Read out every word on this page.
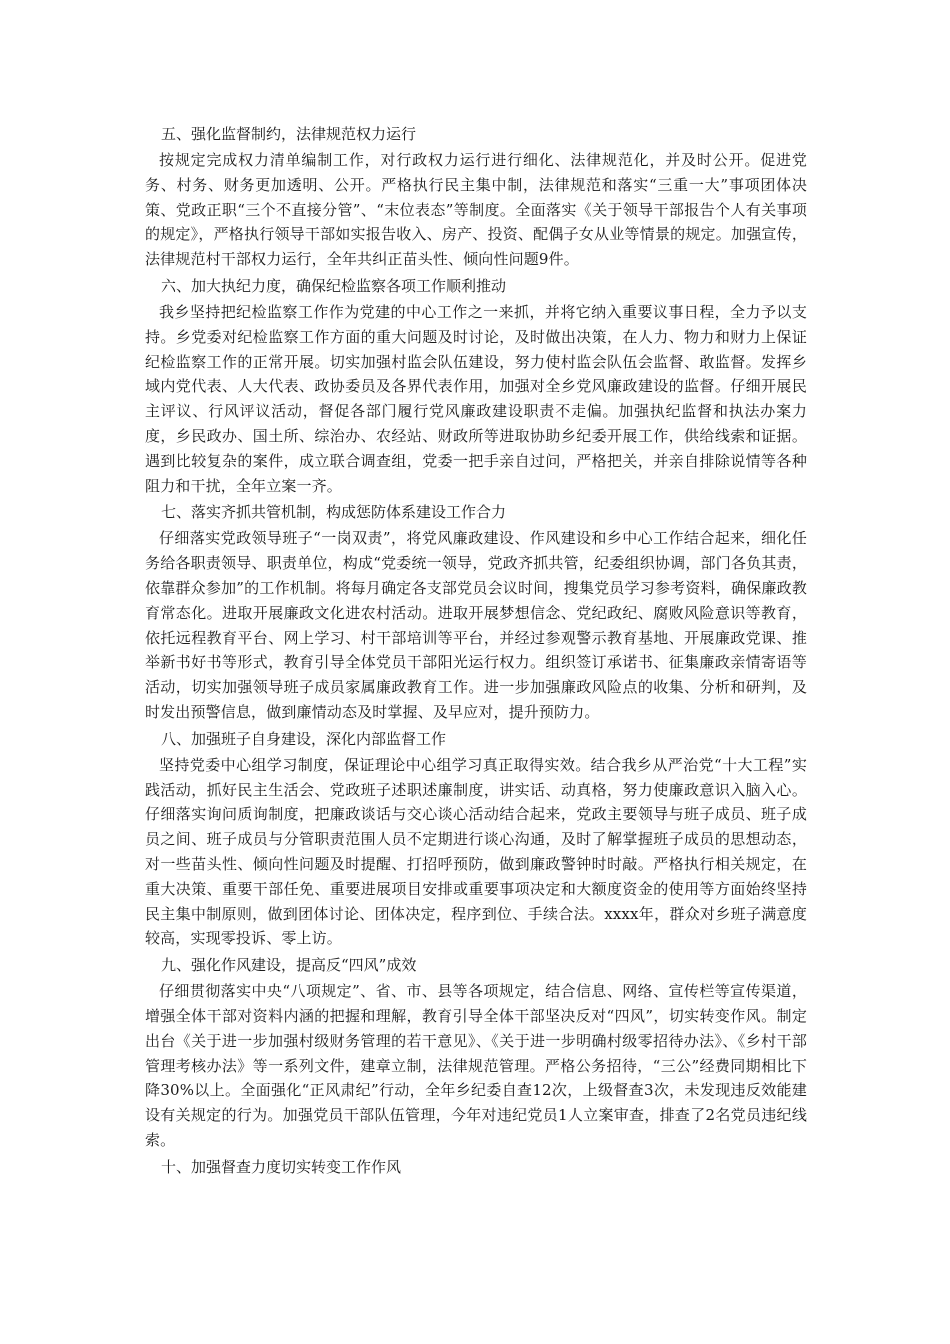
五、强化监督制约，法律规范权力运行

按规定完成权力清单编制工作，对行政权力运行进行细化、法律规范化，并及时公开。促进党务、村务、财务更加透明、公开。严格执行民主集中制，法律规范和落实“三重一大”事项团体决策、党政正职“三个不直接分管”、“末位表态”等制度。全面落实《关于领导干部报告个人有关事项的规定》，严格执行领导干部如实报告收入、房产、投资、配偶子女从业等情景的规定。加强宣传，法律规范村干部权力运行，全年共纠正苗头性、倾向性问题9件。

六、加大执纪力度，确保纪检监察各项工作顺利推动

我乡坚持把纪检监察工作作为党建的中心工作之一来抓，并将它纳入重要议事日程，全力予以支持。乡党委对纪检监察工作方面的重大问题及时讨论，及时做出决策，在人力、物力和财力上保证纪检监察工作的正常开展。切实加强村监会队伍建设，努力使村监会队伍会监督、敢监督。发挥乡域内党代表、人大代表、政协委员及各界代表作用，加强对全乡党风廉政建设的监督。仔细开展民主评议、行风评议活动，督促各部门履行党风廉政建设职责不走偏。加强执纪监督和执法办案力度，乡民政办、国土所、综治办、农经站、财政所等进取协助乡纪委开展工作，供给线索和证据。遇到比较复杂的案件，成立联合调查组，党委一把手亲自过问，严格把关，并亲自排除说情等各种阻力和干扰，全年立案一齐。

七、落实齐抓共管机制，构成惩防体系建设工作合力

仔细落实党政领导班子“一岗双责”，将党风廉政建设、作风建设和乡中心工作结合起来，细化任务给各职责领导、职责单位，构成“党委统一领导，党政齐抓共管，纪委组织协调，部门各负其责，依靠群众参加”的工作机制。将每月确定各支部党员会议时间，搜集党员学习参考资料，确保廉政教育常态化。进取开展廉政文化进农村活动。进取开展梦想信念、党纪政纪、腐败风险意识等教育，依托远程教育平台、网上学习、村干部培训等平台，并经过参观警示教育基地、开展廉政党课、推举新书好书等形式，教育引导全体党员干部阳光运行权力。组织签订承诺书、征集廉政亲情寄语等活动，切实加强领导班子成员家属廉政教育工作。进一步加强廉政风险点的收集、分析和研判，及时发出预警信息，做到廉情动态及时掌握、及早应对，提升预防力。

八、加强班子自身建设，深化内部监督工作

坚持党委中心组学习制度，保证理论中心组学习真正取得实效。结合我乡从严治党“十大工程”实践活动，抓好民主生活会、党政班子述职述廉制度，讲实话、动真格，努力使廉政意识入脑入心。仔细落实询问质询制度，把廉政谈话与交心谈心活动结合起来，党政主要领导与班子成员、班子成员之间、班子成员与分管职责范围人员不定期进行谈心沟通，及时了解掌握班子成员的思想动态，对一些苗头性、倾向性问题及时提醒、打招呼预防，做到廉政警钟时时敲。严格执行相关规定，在重大决策、重要干部任免、重要进展项目安排或重要事项决定和大额度资金的使用等方面始终坚持民主集中制原则，做到团体讨论、团体决定，程序到位、手续合法。xxxx年，群众对乡班子满意度较高，实现零投诉、零上访。

九、强化作风建设，提高反“四风”成效

仔细贯彻落实中央“八项规定”、省、市、县等各项规定，结合信息、网络、宣传栏等宣传渠道，增强全体干部对资料内涵的把握和理解，教育引导全体干部坚决反对“四风”，切实转变作风。制定出台《关于进一步加强村级财务管理的若干意见》、《关于进一步明确村级零招待办法》、《乡村干部管理考核办法》等一系列文件，建章立制，法律规范管理。严格公务招待，“三公”经费同期相比下降30%以上。全面强化“正风肃纪”行动，全年乡纪委自查12次，上级督查3次，未发现违反效能建设有关规定的行为。加强党员干部队伍管理，今年对违纪党员1人立案审查，排查了2名党员违纪线索。

十、加强督查力度切实转变工作作风
